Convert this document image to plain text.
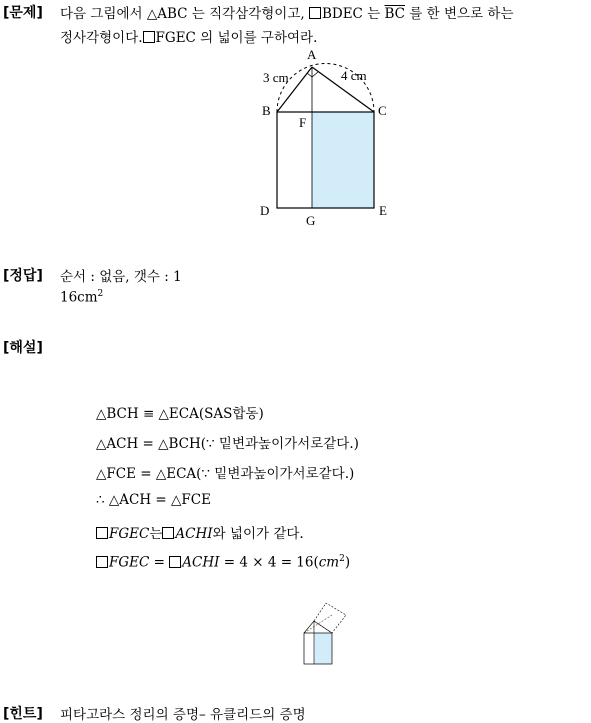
[문제] 다음 그림에서 △ABC 는 직각삼각형이고, BDEC 는 $\overline{BC}$ 를 한 변으로 하는
정사각형이다. FGEC 의 넓이를 구하여라.
A
B	C
D	E
F
G
3 cm	4 cm
[정답] 순서 : 없음, 갯수 : 1
$16cm^2$
[해설]
△BCH ≡ △ECA(SAS합동)
△ACH = △BCH(∵ 밑변과높이가서로같다.)
△FCE = △ECA(∵ 밑변과높이가서로같다.)
∴ △ACH = △FCE
FGEC는 ACHI와 넓이가 같다.
FGEC = ACHI = $4 \times 4 = 16(cm^2)$
[힌트] 피타고라스 정리의 증명– 유클리드의 증명
